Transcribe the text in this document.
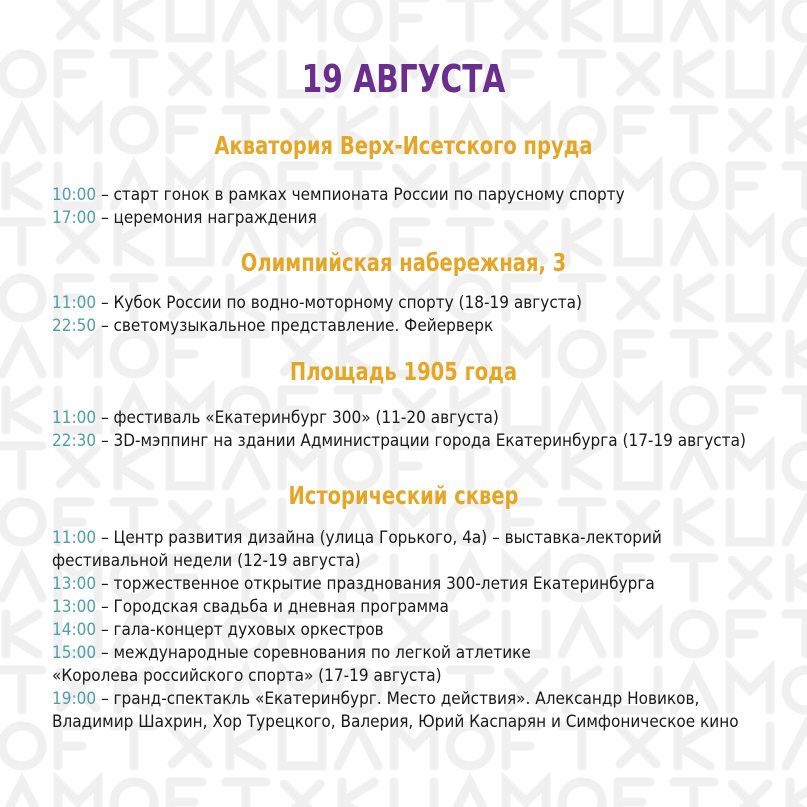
19 АВГУСТА
Акватория Верх-Исетского пруда
10:00 – старт гонок в рамках чемпионата России по парусному спорту
17:00 – церемония награждения
Олимпийская набережная, 3
11:00 – Кубок России по водно-моторному спорту (18-19 августа)
22:50 – светомузыкальное представление. Фейерверк
Площадь 1905 года
11:00 – фестиваль «Екатеринбург 300» (11-20 августа)
22:30 – 3D-мэппинг на здании Администрации города Екатеринбурга (17-19 августа)
Исторический сквер
11:00 – Центр развития дизайна (улица Горького, 4а) – выставка-лекторий
фестивальной недели (12-19 августа)
13:00 – торжественное открытие празднования 300-летия Екатеринбурга
13:00 – Городская свадьба и дневная программа
14:00 – гала-концерт духовых оркестров
15:00 – международные соревнования по легкой атлетике
«Королева российского спорта» (17-19 августа)
19:00 – гранд-спектакль «Екатеринбург. Место действия». Александр Новиков,
Владимир Шахрин, Хор Турецкого, Валерия, Юрий Каспарян и Симфоническое кино
